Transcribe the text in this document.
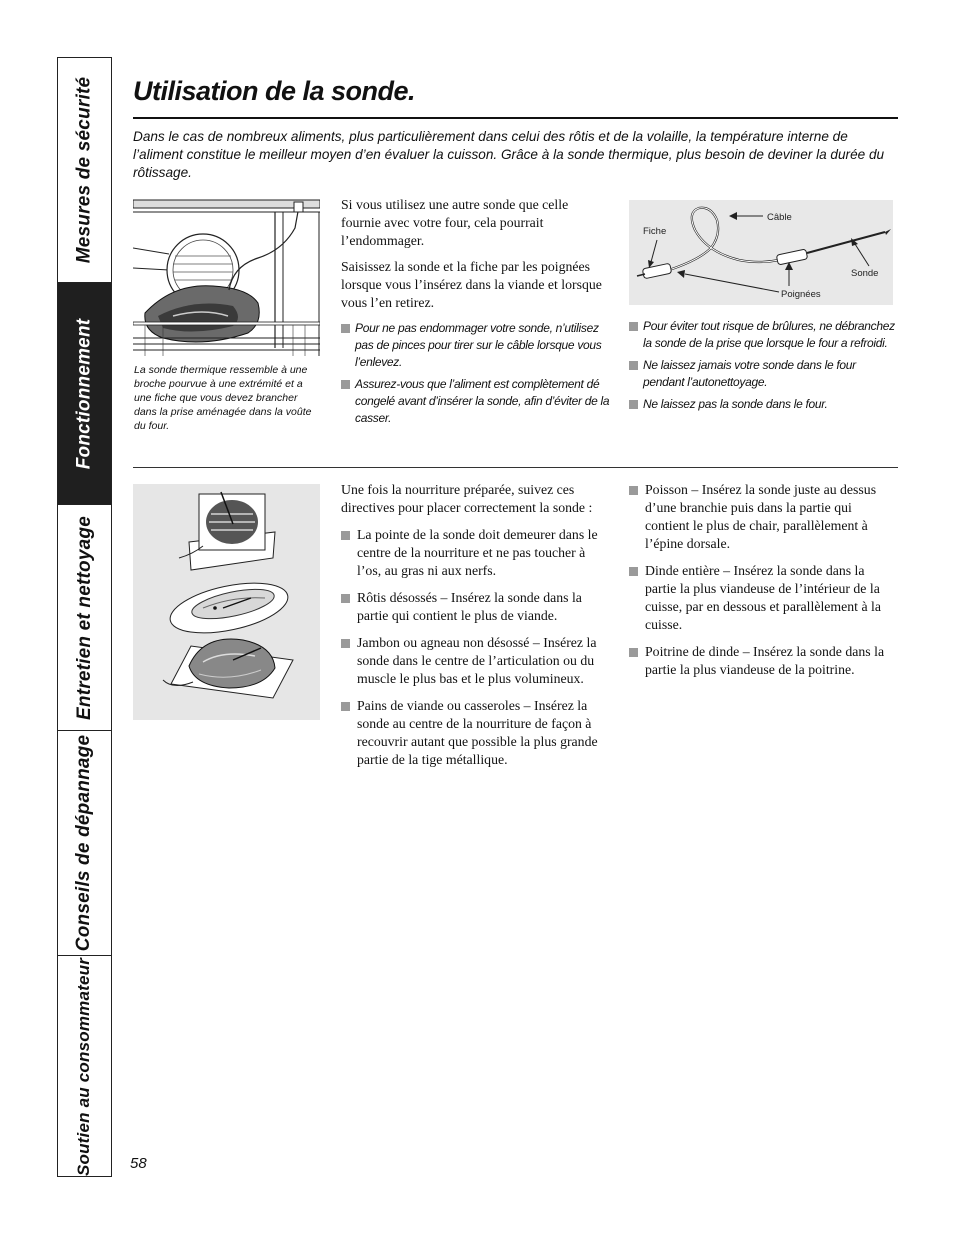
Mesures de sécurité
Fonctionnement
Entretien et nettoyage
Conseils de dépannage
Soutien au consommateur
Utilisation de la sonde.
Dans le cas de nombreux aliments, plus particulièrement dans celui des rôtis et de la volaille, la température interne de l’aliment constitue le meilleur moyen d’en évaluer la cuisson. Grâce à la sonde thermique, plus besoin de deviner la durée du rôtissage.
La sonde thermique ressemble à une broche pourvue à une extrémité et a une fiche que vous devez brancher dans la prise aménagée dans la voûte du four.

Si vous utilisez une autre sonde que celle fournie avec votre four, cela pourrait l’endommager.

Saisissez la sonde et la fiche par les poignées lorsque vous l’insérez dans la viande et lorsque vous l’en retirez.

Pour ne pas endommager votre sonde, n’utilisez pas de pinces pour tirer sur le câble lorsque vous l’enlevez.
Assurez-vous que l’aliment est complètement dé congelé avant d’insérer la sonde, afin d’éviter de la casser.
Fiche
Câble
Sonde
Poignées
Pour éviter tout risque de brûlures, ne débranchez la sonde de la prise que lorsque le four a refroidi.
Ne laissez jamais votre sonde dans le four pendant l’autonettoyage.
Ne laissez pas la sonde dans le four.

Une fois la nourriture préparée, suivez ces directives pour placer correctement la sonde :

La pointe de la sonde doit demeurer dans le centre de la nourriture et ne pas toucher à l’os, au gras ni aux nerfs.
Rôtis désossés – Insérez la sonde dans la partie qui contient le plus de viande.
Jambon ou agneau non désossé – Insérez la sonde dans le centre de l’articulation ou du muscle le plus bas et le plus volumineux.
Pains de viande ou casseroles – Insérez la sonde au centre de la nourriture de façon à recouvrir autant que possible la plus grande partie de la tige métallique.
Poisson – Insérez la sonde juste au dessus d’une branchie puis dans la partie qui contient le plus de chair, parallèlement à l’épine dorsale.
Dinde entière – Insérez la sonde dans la partie la plus viandeuse de l’intérieur de la cuisse, par en dessous et parallèlement à la cuisse.
Poitrine de dinde – Insérez la sonde dans la partie la plus viandeuse de la poitrine.
58
